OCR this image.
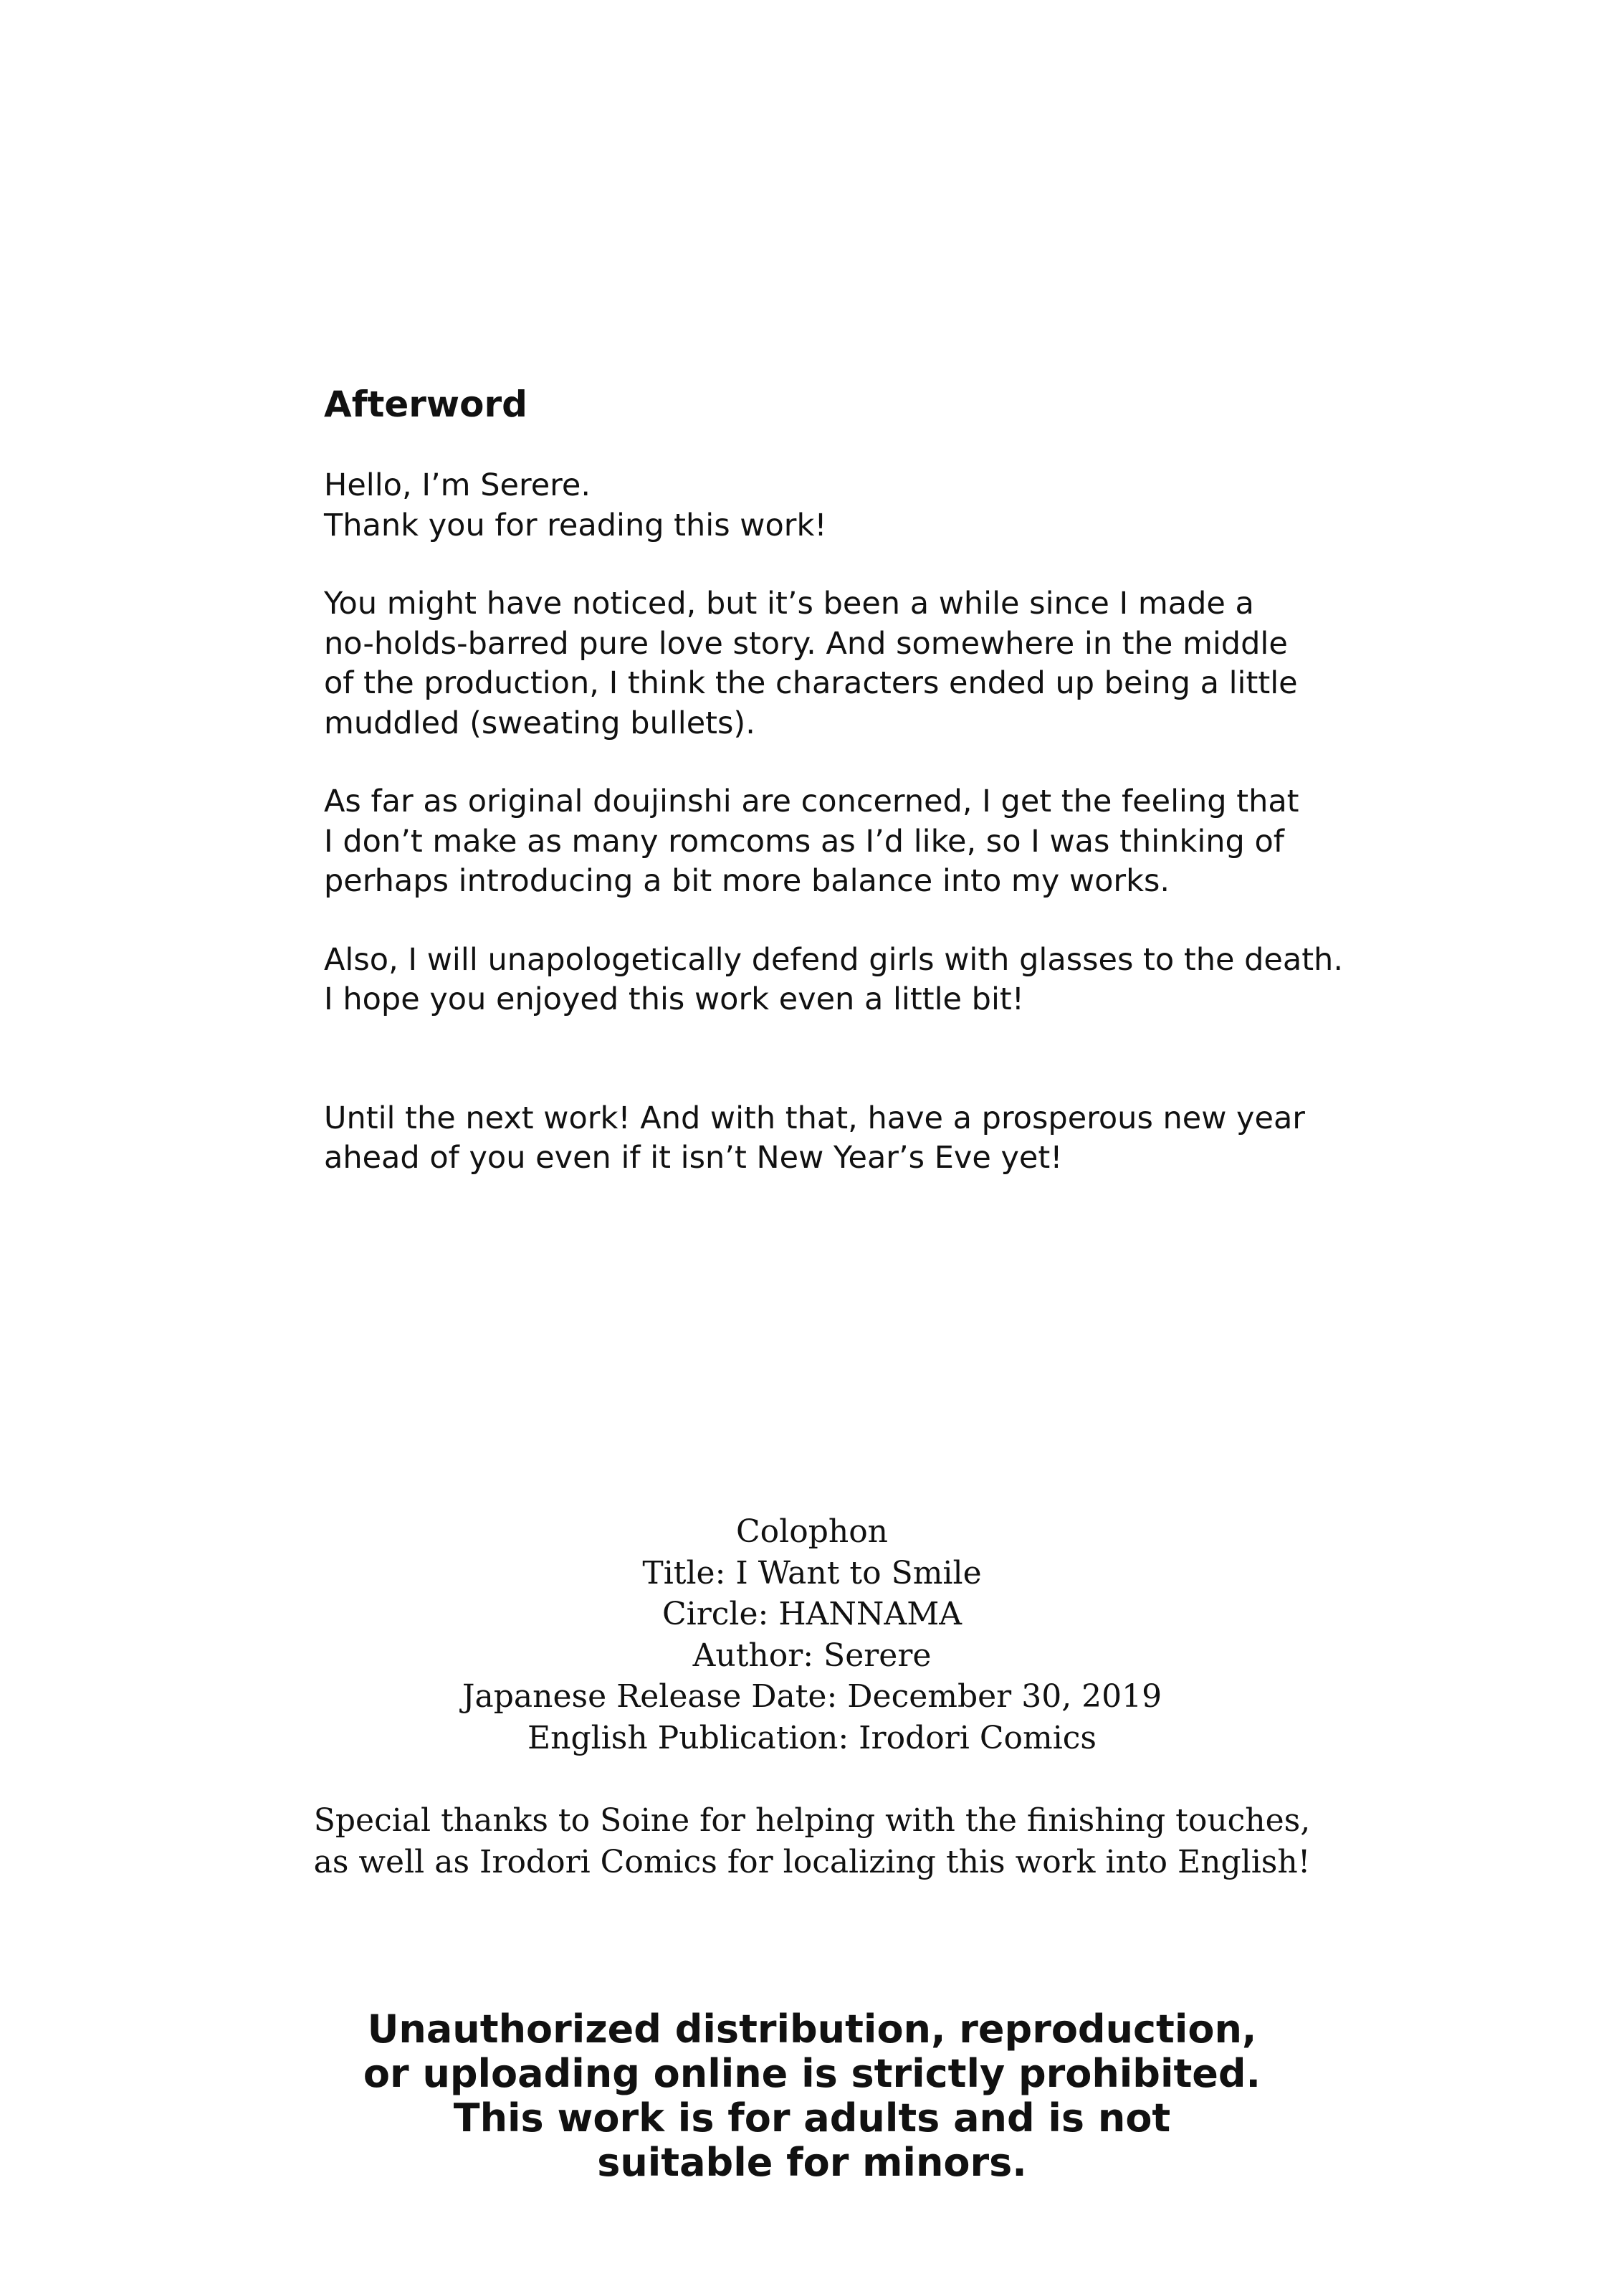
Afterword

Hello, I’m Serere.
Thank you for reading this work!

You might have noticed, but it’s been a while since I made a
no-holds-barred pure love story. And somewhere in the middle
of the production, I think the characters ended up being a little
muddled (sweating bullets).

As far as original doujinshi are concerned, I get the feeling that
I don’t make as many romcoms as I’d like, so I was thinking of
perhaps introducing a bit more balance into my works.

Also, I will unapologetically defend girls with glasses to the death.
I hope you enjoyed this work even a little bit!

Until the next work! And with that, have a prosperous new year
ahead of you even if it isn’t New Year’s Eve yet!

Colophon
Title: I Want to Smile
Circle: HANNAMA
Author: Serere
Japanese Release Date: December 30, 2019
English Publication: Irodori Comics
Special thanks to Soine for helping with the finishing touches,
as well as Irodori Comics for localizing this work into English!
Unauthorized distribution, reproduction,
or uploading online is strictly prohibited.
This work is for adults and is not
suitable for minors.
